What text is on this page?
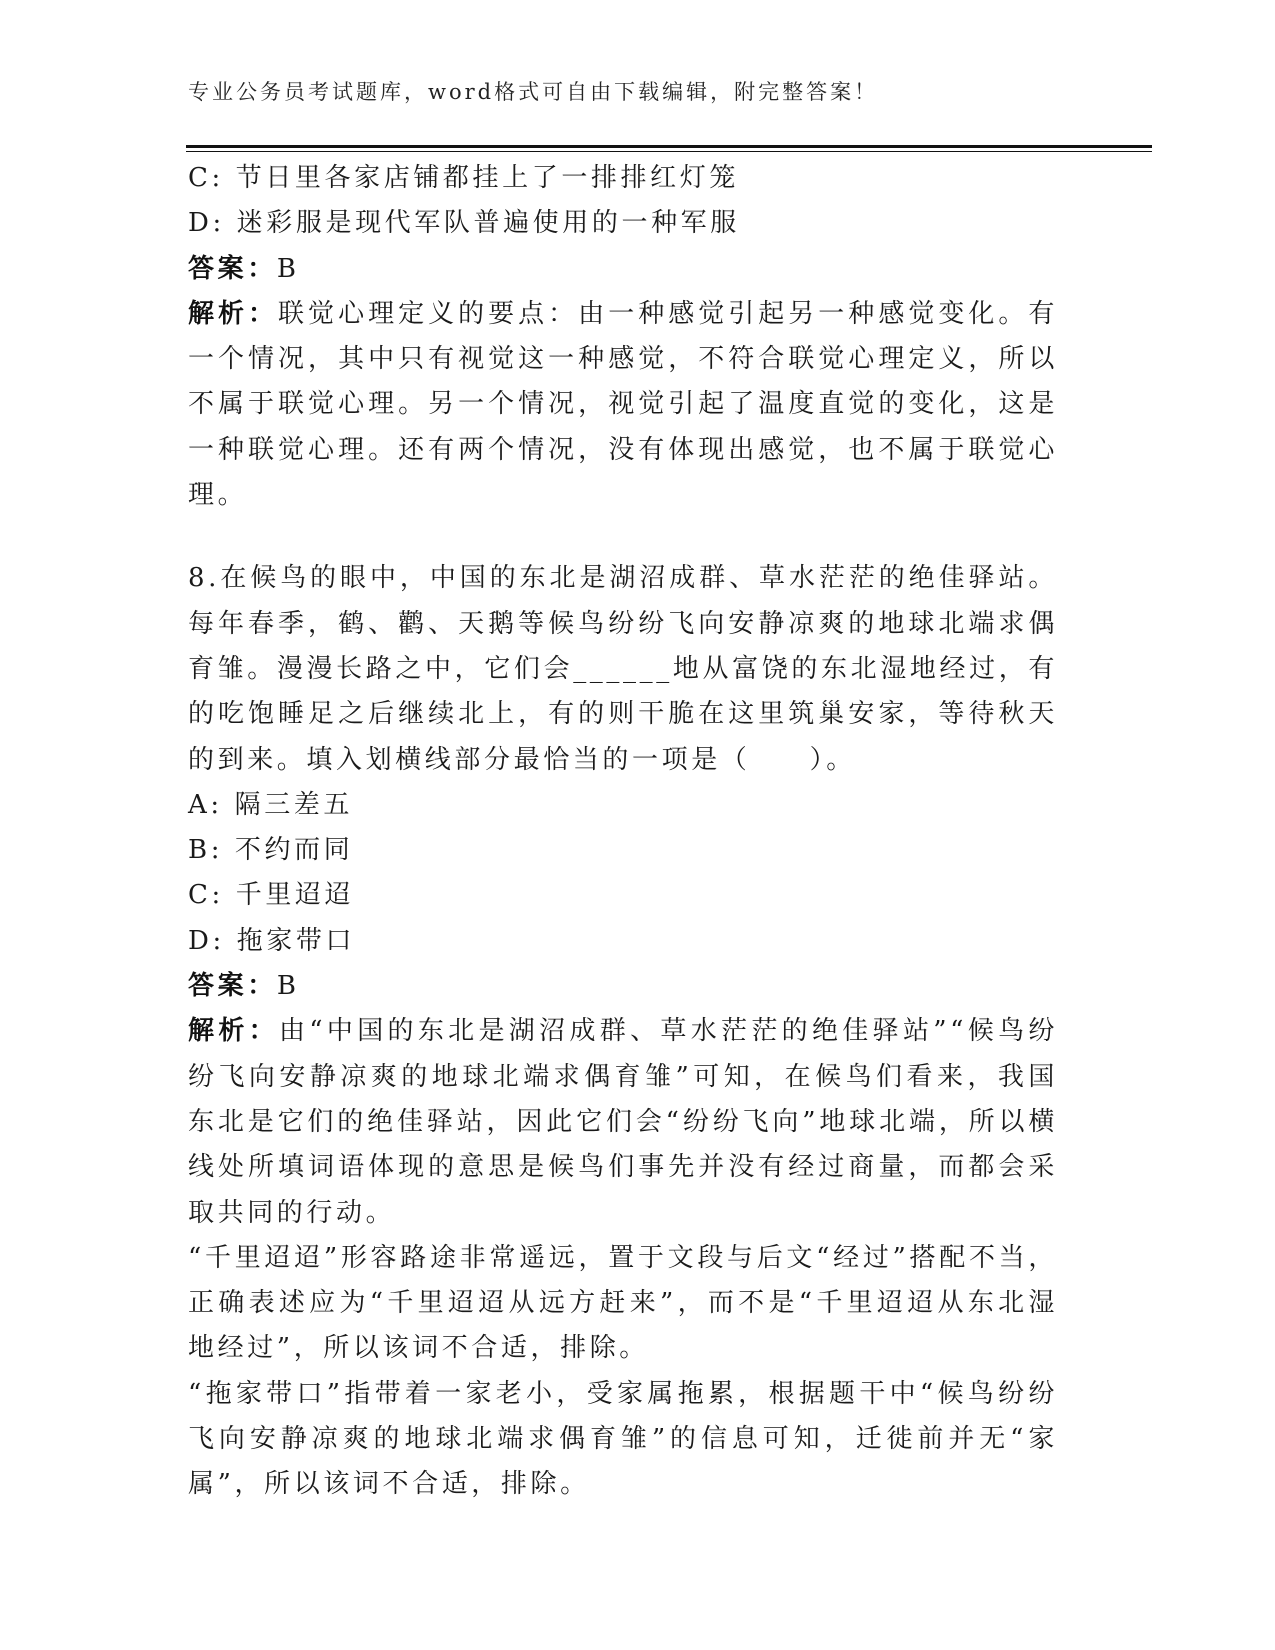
专业公务员考试题库，word格式可自由下载编辑，附完整答案！

C: 节日里各家店铺都挂上了一排排红灯笼

D: 迷彩服是现代军队普遍使用的一种军服

答案：B

解析：联觉心理定义的要点：由一种感觉引起另一种感觉变化。有一个情况，其中只有视觉这一种感觉，不符合联觉心理定义，所以不属于联觉心理。另一个情况，视觉引起了温度直觉的变化，这是一种联觉心理。还有两个情况，没有体现出感觉，也不属于联觉心理。

8.在候鸟的眼中，中国的东北是湖沼成群、草水茫茫的绝佳驿站。每年春季，鹤、鹳、天鹅等候鸟纷纷飞向安静凉爽的地球北端求偶育雏。漫漫长路之中，它们会______地从富饶的东北湿地经过，有的吃饱睡足之后继续北上，有的则干脆在这里筑巢安家，等待秋天的到来。填入划横线部分最恰当的一项是（　　）。

A: 隔三差五

B: 不约而同

C: 千里迢迢

D: 拖家带口

答案：B

解析：由“中国的东北是湖沼成群、草水茫茫的绝佳驿站”“候鸟纷纷飞向安静凉爽的地球北端求偶育雏”可知，在候鸟们看来，我国东北是它们的绝佳驿站，因此它们会“纷纷飞向”地球北端，所以横线处所填词语体现的意思是候鸟们事先并没有经过商量，而都会采取共同的行动。

“千里迢迢”形容路途非常遥远，置于文段与后文“经过”搭配不当，正确表述应为“千里迢迢从远方赶来”，而不是“千里迢迢从东北湿地经过”，所以该词不合适，排除。

“拖家带口”指带着一家老小，受家属拖累，根据题干中“候鸟纷纷飞向安静凉爽的地球北端求偶育雏”的信息可知，迁徙前并无“家属”，所以该词不合适，排除。
